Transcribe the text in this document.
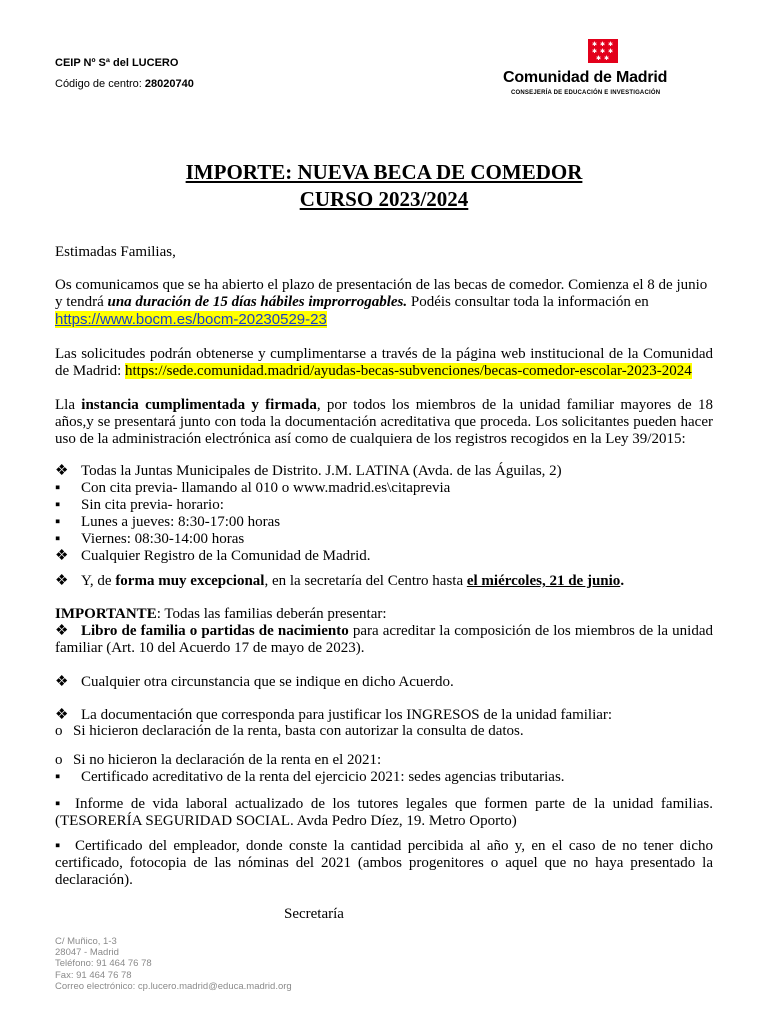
CEIP Nº Sª del LUCERO
Código de centro: 28020740
✱ ✱ ✱
✱ ✱ ✱
✱ ✱
Comunidad de Madrid
CONSEJERÍA DE EDUCACIÓN E INVESTIGACIÓN
IMPORTE: NUEVA BECA DE COMEDOR
CURSO 2023/2024
Estimadas Familias,
Os comunicamos que se ha abierto el plazo de presentación de las becas de comedor. Comienza el 8 de junio y tendrá una duración de 15 días hábiles improrrogables. Podéis consultar toda la información en
https://www.bocm.es/bocm-20230529-23
Las solicitudes podrán obtenerse y cumplimentarse a través de la página web institucional de la Comunidad de Madrid: https://sede.comunidad.madrid/ayudas-becas-subvenciones/becas-comedor-escolar-2023-2024
Lla instancia cumplimentada y firmada, por todos los miembros de la unidad familiar mayores de 18 años,y se presentará junto con toda la documentación acreditativa que proceda. Los solicitantes pueden hacer uso de la administración electrónica así como de cualquiera de los registros recogidos en la Ley 39/2015:
❖ Todas la Juntas Municipales de Distrito. J.M. LATINA (Avda. de las Águilas, 2)
▪ Con cita previa- llamando al 010 o www.madrid.es\citaprevia
▪ Sin cita previa- horario:
▪ Lunes a jueves: 8:30-17:00 horas
▪ Viernes: 08:30-14:00 horas
❖ Cualquier Registro de la Comunidad de Madrid.
❖ Y, de forma muy excepcional, en la secretaría del Centro hasta el miércoles, 21 de junio.
IMPORTANTE: Todas las familias deberán presentar:
❖ Libro de familia o partidas de nacimiento para acreditar la composición de los miembros de la unidad familiar (Art. 10 del Acuerdo 17 de mayo de 2023).
❖ Cualquier otra circunstancia que se indique en dicho Acuerdo.
❖ La documentación que corresponda para justificar los INGRESOS de la unidad familiar:
o Si hicieron declaración de la renta, basta con autorizar la consulta de datos.
o Si no hicieron la declaración de la renta en el 2021:
▪ Certificado acreditativo de la renta del ejercicio 2021: sedes agencias tributarias.
▪ Informe de vida laboral actualizado de los tutores legales que formen parte de la unidad familias. (TESORERÍA SEGURIDAD SOCIAL. Avda Pedro Díez, 19. Metro Oporto)
▪ Certificado del empleador, donde conste la cantidad percibida al año y, en el caso de no tener dicho certificado, fotocopia de las nóminas del 2021 (ambos progenitores o aquel que no haya presentado la declaración).
Secretaría
C/ Muñico, 1-3
28047 - Madrid
Teléfono: 91 464 76 78
Fax: 91 464 76 78
Correo electrónico: cp.lucero.madrid@educa.madrid.org
